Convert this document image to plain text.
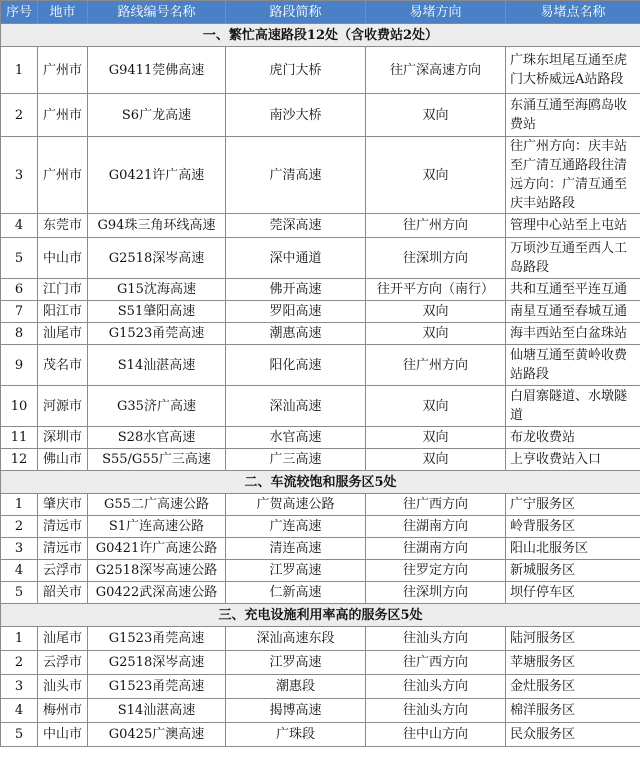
序号	地市	路线编号名称	路段简称	易堵方向	易堵点名称
一、繁忙高速路段12处（含收费站2处）					
1	广州市	G9411莞佛高速	虎门大桥	往广深高速方向	广珠东坦尾互通至虎门大桥威远A站路段
2	广州市	S6广龙高速	南沙大桥	双向	东涌互通至海鸥岛收费站
3	广州市	G0421许广高速	广清高速	双向	往广州方向：庆丰站至广清互通路段往清远方向：广清互通至庆丰站路段
4	东莞市	G94珠三角环线高速	莞深高速	往广州方向	管理中心站至上屯站
5	中山市	G2518深岑高速	深中通道	往深圳方向	万顷沙互通至西人工岛路段
6	江门市	G15沈海高速	佛开高速	往开平方向（南行）	共和互通至平连互通
7	阳江市	S51肇阳高速	罗阳高速	双向	南星互通至春城互通
8	汕尾市	G1523甬莞高速	潮惠高速	双向	海丰西站至白盆珠站
9	茂名市	S14汕湛高速	阳化高速	往广州方向	仙塘互通至黄岭收费站路段
10	河源市	G35济广高速	深汕高速	双向	白眉寨隧道、水墩隧道
11	深圳市	S28水官高速	水官高速	双向	布龙收费站
12	佛山市	S55/G55广三高速	广三高速	双向	上亨收费站入口
二、车流较饱和服务区5处					
1	肇庆市	G55二广高速公路	广贺高速公路	往广西方向	广宁服务区
2	清远市	S1广连高速公路	广连高速	往湖南方向	岭背服务区
3	清远市	G0421许广高速公路	清连高速	往湖南方向	阳山北服务区
4	云浮市	G2518深岑高速公路	江罗高速	往罗定方向	新城服务区
5	韶关市	G0422武深高速公路	仁新高速	往深圳方向	坝仔停车区
三、充电设施利用率高的服务区5处					
1	汕尾市	G1523甬莞高速	深汕高速东段	往汕头方向	陆河服务区
2	云浮市	G2518深岑高速	江罗高速	往广西方向	苹塘服务区
3	汕头市	G1523甬莞高速	潮惠段	往汕头方向	金灶服务区
4	梅州市	S14汕湛高速	揭博高速	往汕头方向	棉洋服务区
5	中山市	G0425广澳高速	广珠段	往中山方向	民众服务区
